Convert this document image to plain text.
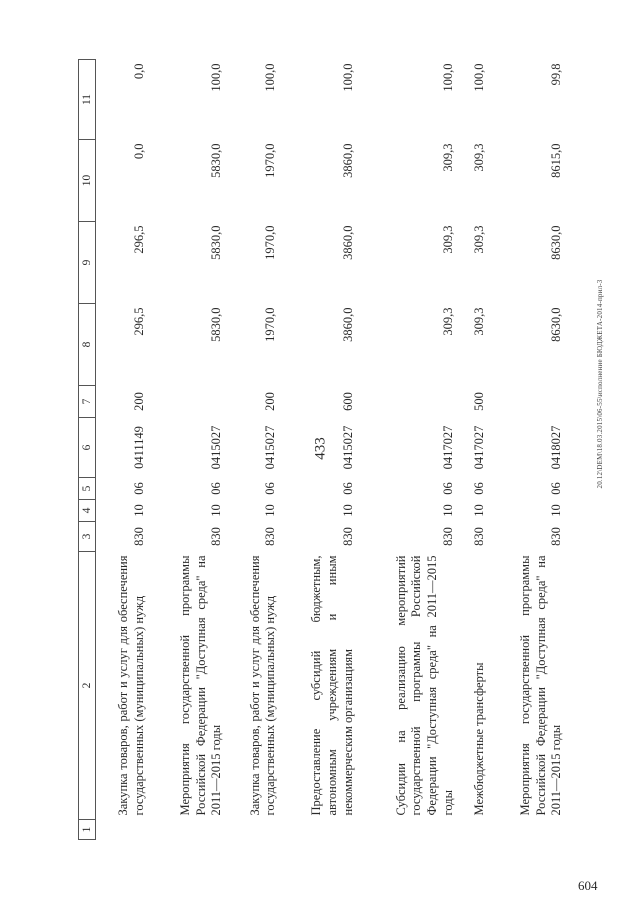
433	20.12\DEM\18.03.2015\06-55\исполнение БЮДЖЕТА-2014-прил-3
604
1	2	3	4	5	6	7	8	9	10	11
	Закупка товаров, работ и услуг для обеспечения государственных (муниципальных) нужд	830	10	06	0411149	200	296,5	296,5	0,0	0,0
	Мероприятия государственной программы Российской Федерации "Доступная среда" на 2011—2015 годы	830	10	06	0415027		5830,0	5830,0	5830,0	100,0
	Закупка товаров, работ и услуг для обеспечения государственных (муниципальных) нужд	830	10	06	0415027	200	1970,0	1970,0	1970,0	100,0
	Предоставление субсидий бюджетным, автономным учреждениям и иным некоммерческим организациям	830	10	06	0415027	600	3860,0	3860,0	3860,0	100,0
	Субсидии на реализацию мероприятий государственной программы Российской Федерации "Доступная среда" на 2011—2015 годы	830	10	06	0417027		309,3	309,3	309,3	100,0
	Межбюджетные трансферты	830	10	06	0417027	500	309,3	309,3	309,3	100,0
	Мероприятия государственной программы Российской Федерации "Доступная среда" на 2011—2015 годы	830	10	06	0418027		8630,0	8630,0	8615,0	99,8
